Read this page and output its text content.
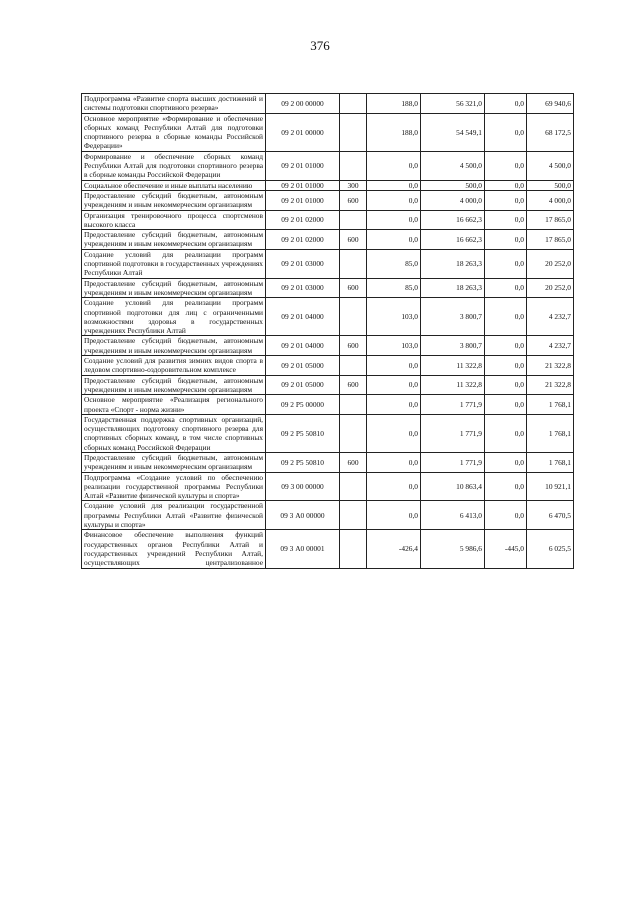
376
Подпрограмма «Развитие спорта высших достижений и системы подготовки спортивного резерва»	09 2 00 00000		188,0	56 321,0	0,0	69 940,6
Основное мероприятие «Формирование и обеспечение сборных команд Республики Алтай для подготовки спортивного резерва в сборные команды Российской Федерации»	09 2 01 00000		188,0	54 549,1	0,0	68 172,5
Формирование и обеспечение сборных команд Республики Алтай для подготовки спортивного резерва в сборные команды Российской Федерации	09 2 01 01000		0,0	4 500,0	0,0	4 500,0
Социальное обеспечение и иные выплаты населению	09 2 01 01000	300	0,0	500,0	0,0	500,0
Предоставление субсидий бюджетным, автономным учреждениям и иным некоммерческим организациям	09 2 01 01000	600	0,0	4 000,0	0,0	4 000,0
Организация тренировочного процесса спортсменов высокого класса	09 2 01 02000		0,0	16 662,3	0,0	17 865,0
Предоставление субсидий бюджетным, автономным учреждениям и иным некоммерческим организациям	09 2 01 02000	600	0,0	16 662,3	0,0	17 865,0
Создание условий для реализации программ спортивной подготовки в государственных учреждениях Республики Алтай	09 2 01 03000		85,0	18 263,3	0,0	20 252,0
Предоставление субсидий бюджетным, автономным учреждениям и иным некоммерческим организациям	09 2 01 03000	600	85,0	18 263,3	0,0	20 252,0
Создание условий для реализации программ спортивной подготовки для лиц с ограниченными возможностями здоровья в государственных учреждениях Республики Алтай	09 2 01 04000		103,0	3 800,7	0,0	4 232,7
Предоставление субсидий бюджетным, автономным учреждениям и иным некоммерческим организациям	09 2 01 04000	600	103,0	3 800,7	0,0	4 232,7
Создание условий для развития зимних видов спорта в ледовом спортивно-оздоровительном комплексе	09 2 01 05000		0,0	11 322,8	0,0	21 322,8
Предоставление субсидий бюджетным, автономным учреждениям и иным некоммерческим организациям	09 2 01 05000	600	0,0	11 322,8	0,0	21 322,8
Основное мероприятие «Реализация регионального проекта «Спорт - норма жизни»	09 2 Р5 00000		0,0	1 771,9	0,0	1 768,1
Государственная поддержка спортивных организаций, осуществляющих подготовку спортивного резерва для спортивных сборных команд, в том числе спортивных сборных команд Российской Федерации	09 2 Р5 50810		0,0	1 771,9	0,0	1 768,1
Предоставление субсидий бюджетным, автономным учреждениям и иным некоммерческим организациям	09 2 Р5 50810	600	0,0	1 771,9	0,0	1 768,1
Подпрограмма «Создание условий по обеспечению реализации государственной программы Республики Алтай «Развитие физической культуры и спорта»	09 3 00 00000		0,0	10 863,4	0,0	10 921,1
Создание условий для реализации государственной программы Республики Алтай «Развитие физической культуры и спорта»	09 3 А0 00000		0,0	6 413,0	0,0	6 470,5
Финансовое обеспечение выполнения функций государственных органов Республики Алтай и государственных учреждений Республики Алтай, осуществляющих централизованное	09 3 А0 00001		-426,4	5 986,6	-445,0	6 025,5
